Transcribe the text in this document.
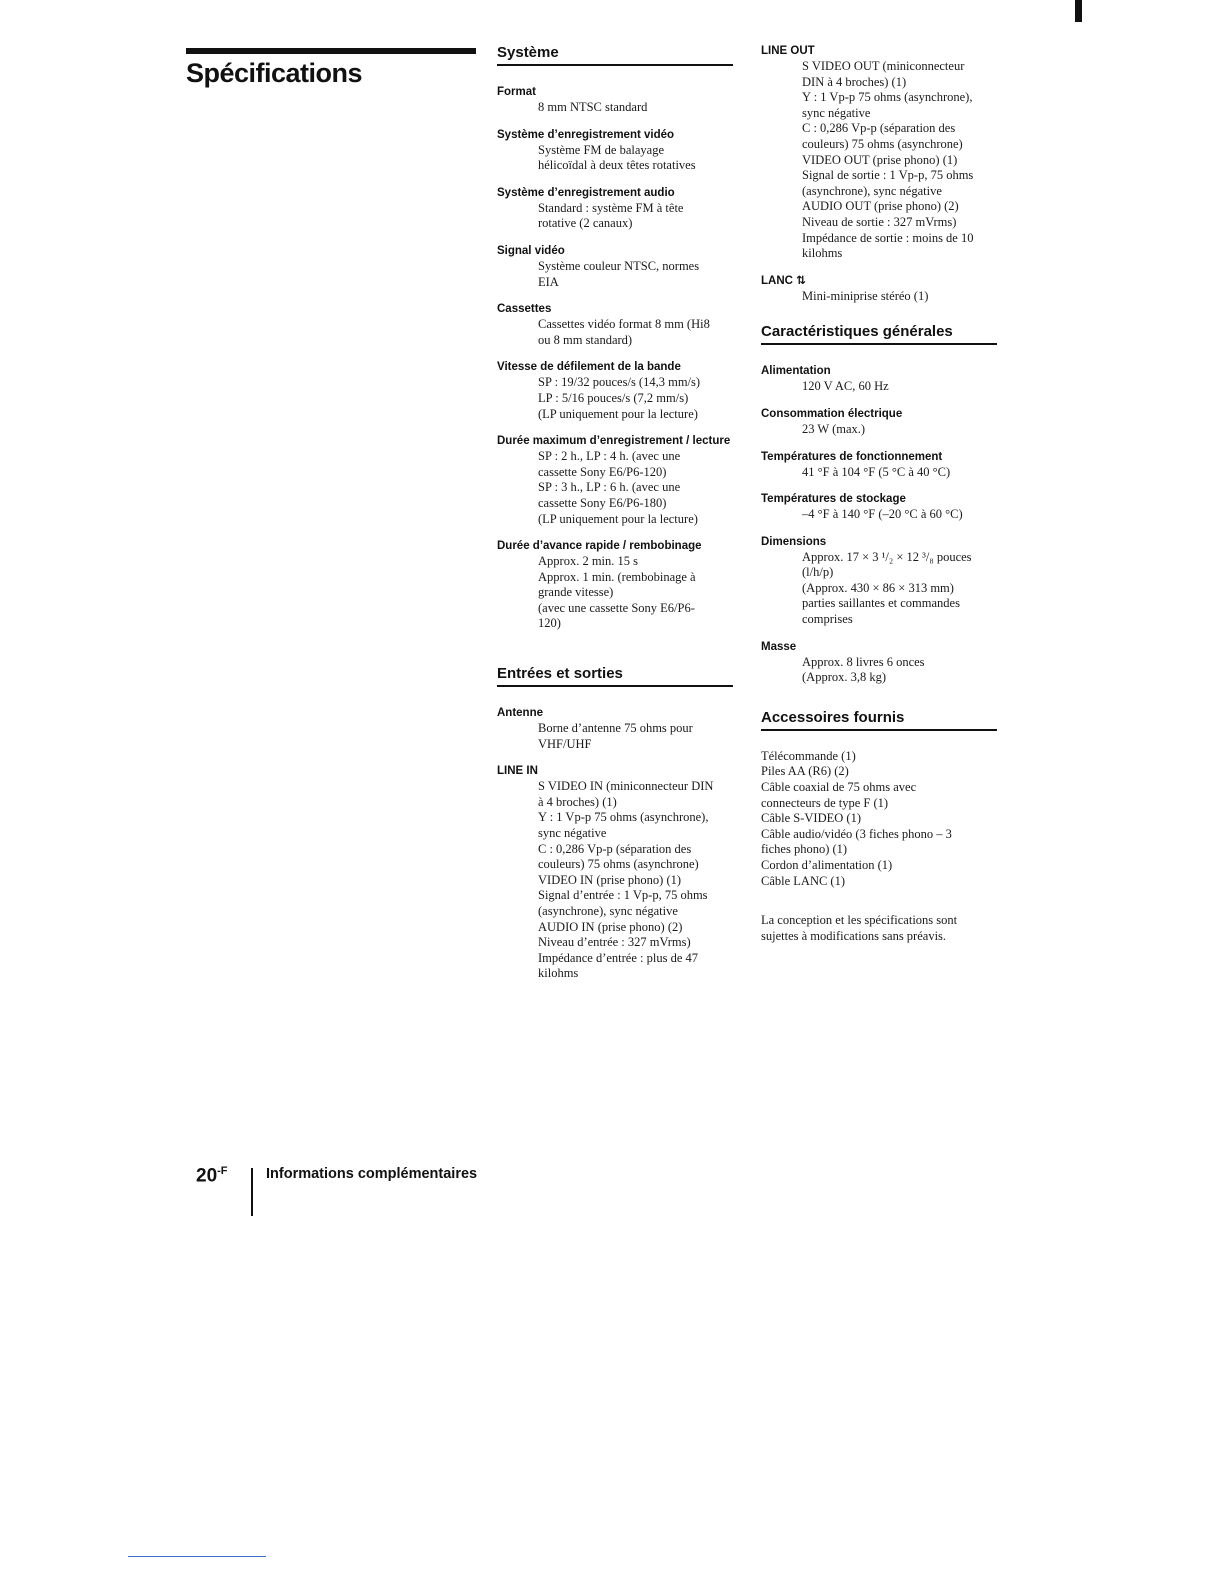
Spécifications
Système
Format
8 mm NTSC standard
Système d’enregistrement vidéo
Système FM de balayage
hélicoïdal à deux têtes rotatives
Système d’enregistrement audio
Standard : système FM à tête
rotative (2 canaux)
Signal vidéo
Système couleur NTSC, normes
EIA
Cassettes
Cassettes vidéo format 8 mm (Hi8
ou 8 mm standard)
Vitesse de défilement de la bande
SP : 19/32 pouces/s (14,3 mm/s)
LP : 5/16 pouces/s (7,2 mm/s)
(LP uniquement pour la lecture)
Durée maximum d’enregistrement / lecture
SP : 2 h., LP : 4 h. (avec une
cassette Sony E6/P6-120)
SP : 3 h., LP : 6 h. (avec une
cassette Sony E6/P6-180)
(LP uniquement pour la lecture)
Durée d’avance rapide / rembobinage
Approx. 2 min. 15 s
Approx. 1 min. (rembobinage à
grande vitesse)
(avec une cassette Sony E6/P6-
120)
Entrées et sorties
Antenne
Borne d’antenne 75 ohms pour
VHF/UHF
LINE IN
S VIDEO IN (miniconnecteur DIN
à 4 broches) (1)
Y : 1 Vp-p 75 ohms (asynchrone),
sync négative
C : 0,286 Vp-p (séparation des
couleurs) 75 ohms (asynchrone)
VIDEO IN (prise phono) (1)
Signal d’entrée : 1 Vp-p, 75 ohms
(asynchrone), sync négative
AUDIO IN (prise phono) (2)
Niveau d’entrée : 327 mVrms)
Impédance d’entrée : plus de 47
kilohms
LINE OUT
S VIDEO OUT (miniconnecteur
DIN à 4 broches) (1)
Y : 1 Vp-p 75 ohms (asynchrone),
sync négative
C : 0,286 Vp-p (séparation des
couleurs) 75 ohms (asynchrone)
VIDEO OUT (prise phono) (1)
Signal de sortie : 1 Vp-p, 75 ohms
(asynchrone), sync négative
AUDIO OUT (prise phono) (2)
Niveau de sortie : 327 mVrms)
Impédance de sortie : moins de 10
kilohms
LANC ⇅
Mini-miniprise stéréo (1)
Caractéristiques générales
Alimentation
120 V AC, 60 Hz
Consommation électrique
23 W (max.)
Températures de fonctionnement
41 °F à 104 °F (5 °C à 40 °C)
Températures de stockage
–4 °F à 140 °F (–20 °C à 60 °C)
Dimensions
Approx. 17 × 3 ¹/₂ × 12 ³/₈ pouces
(l/h/p)
(Approx. 430 × 86 × 313 mm)
parties saillantes et commandes
comprises
Masse
Approx. 8 livres 6 onces
(Approx. 3,8 kg)
Accessoires fournis
Télécommande (1)
Piles AA (R6) (2)
Câble coaxial de 75 ohms avec
connecteurs de type F (1)
Câble S-VIDEO (1)
Câble audio/vidéo (3 fiches phono – 3
fiches phono) (1)
Cordon d’alimentation (1)
Câble LANC (1)
La conception et les spécifications sont
sujettes à modifications sans préavis.
$20^{-F}$	Informations complémentaires
